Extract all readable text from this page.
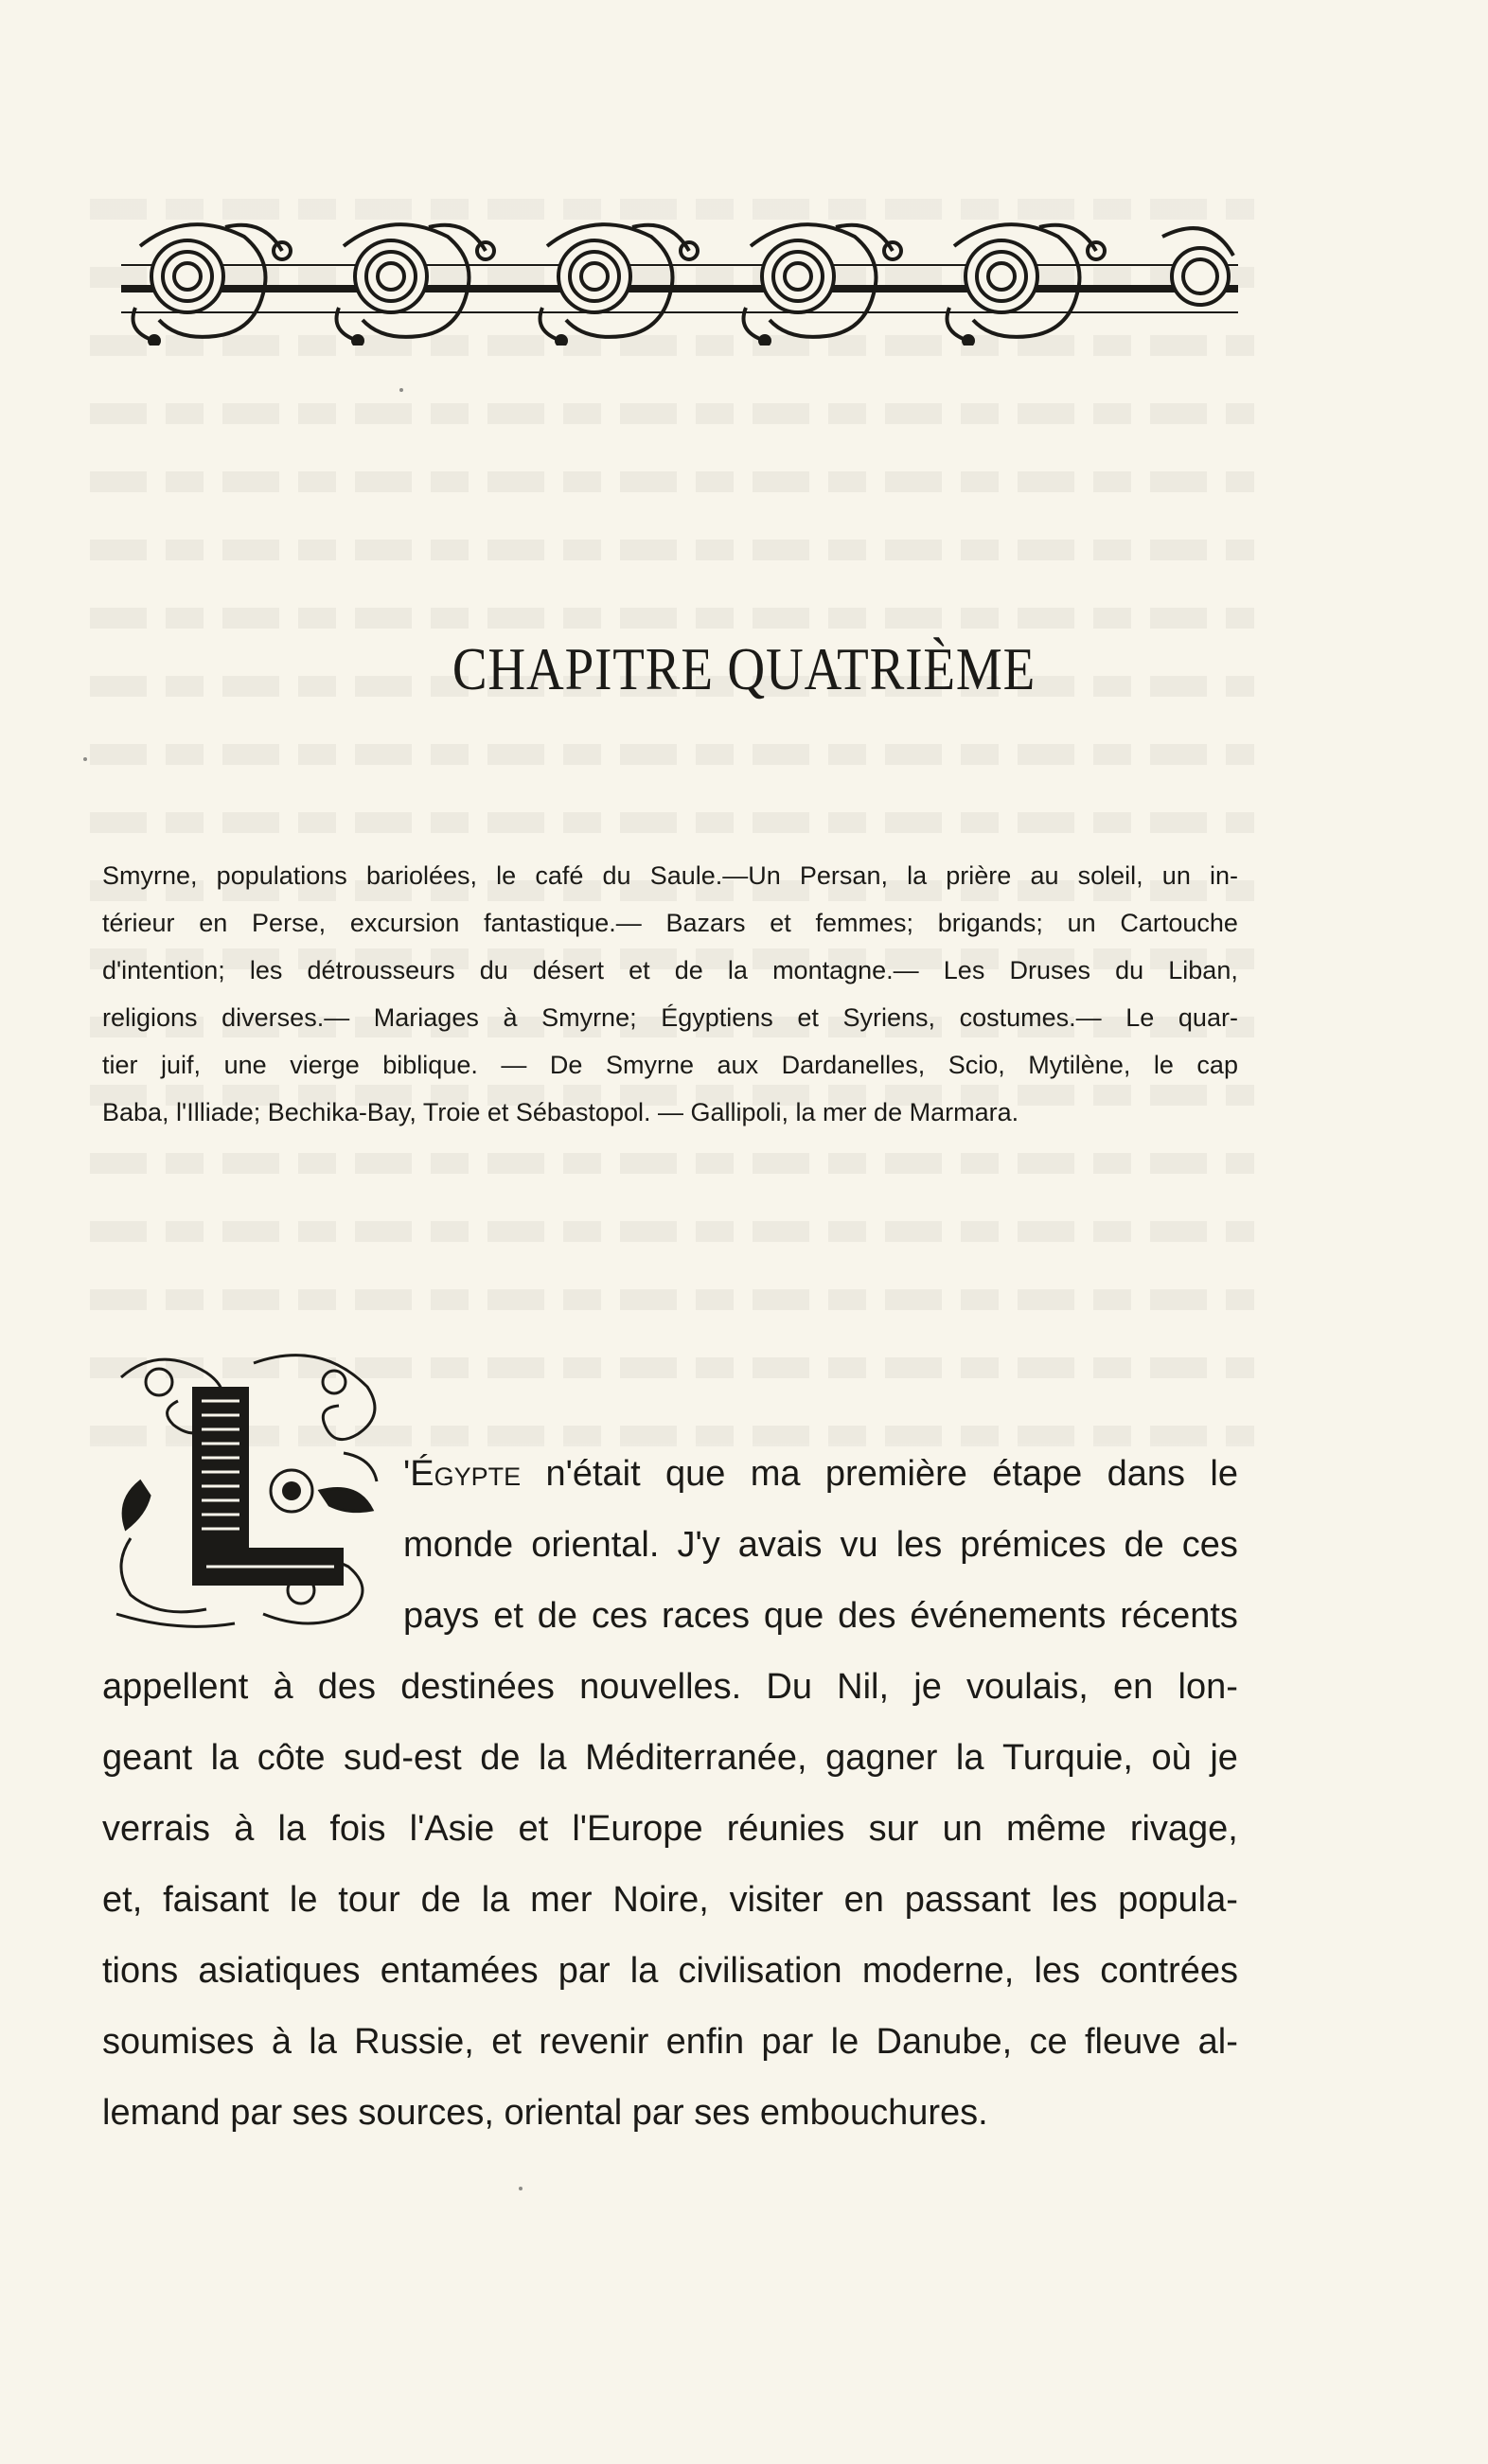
CHAPITRE QUATRIÈME
Smyrne, populations bariolées, le café du Saule.—Un Persan, la prière au soleil, un in-
térieur en Perse, excursion fantastique.— Bazars et femmes; brigands; un Cartouche
d'intention; les détrousseurs du désert et de la montagne.— Les Druses du Liban,
religions diverses.— Mariages à Smyrne; Égyptiens et Syriens, costumes.— Le quar-
tier juif, une vierge biblique. — De Smyrne aux Dardanelles, Scio, Mytilène, le cap
Baba, l'Illiade; Bechika-Bay, Troie et Sébastopol. — Gallipoli, la mer de Marmara.
'Égypte n'était que ma première étape dans le
monde oriental. J'y avais vu les prémices de ces
pays et de ces races que des événements récents
appellent à des destinées nouvelles. Du Nil, je voulais, en lon-
geant la côte sud-est de la Méditerranée, gagner la Turquie, où je
verrais à la fois l'Asie et l'Europe réunies sur un même rivage,
et, faisant le tour de la mer Noire, visiter en passant les popula-
tions asiatiques entamées par la civilisation moderne, les contrées
soumises à la Russie, et revenir enfin par le Danube, ce fleuve al-
lemand par ses sources, oriental par ses embouchures.
